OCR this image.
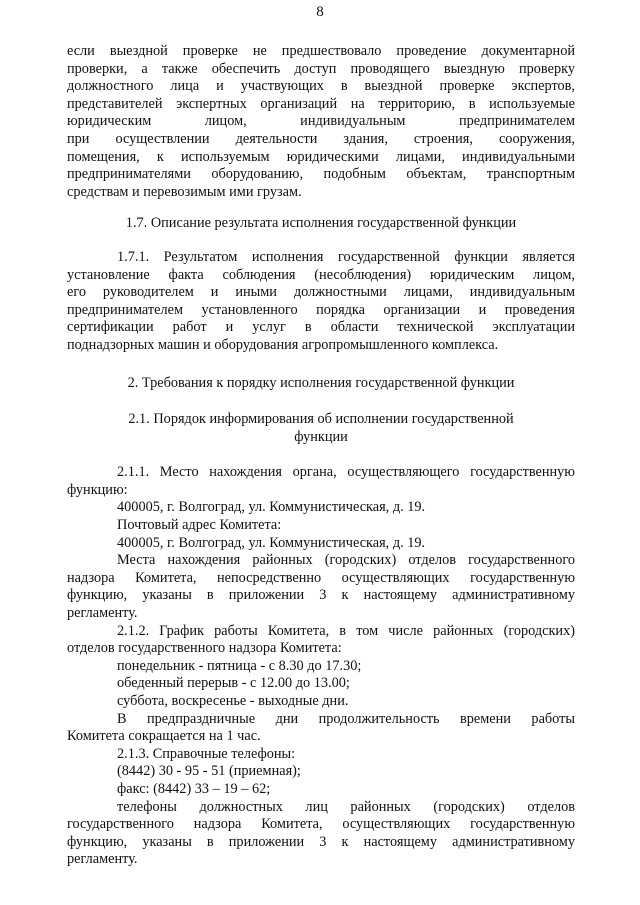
8

если выездной проверке не предшествовало проведение документарной

проверки, а также обеспечить доступ проводящего выездную проверку

должностного лица и участвующих в выездной проверке экспертов,

представителей экспертных организаций на территорию, в используемые

юридическим лицом, индивидуальным предпринимателем

при осуществлении деятельности здания, строения, сооружения,

помещения, к используемым юридическими лицами, индивидуальными

предпринимателями оборудованию, подобным объектам, транспортным

средствам и перевозимым ими грузам.

1.7. Описание результата исполнения государственной функции

1.7.1. Результатом исполнения государственной функции является

установление факта соблюдения (несоблюдения) юридическим лицом,

его руководителем и иными должностными лицами, индивидуальным

предпринимателем установленного порядка организации и проведения

сертификации работ и услуг в области технической эксплуатации

поднадзорных машин и оборудования агропромышленного комплекса.

2. Требования к порядку исполнения государственной функции

2.1. Порядок информирования об исполнении государственной

функции

2.1.1. Место нахождения органа, осуществляющего государственную

функцию:

400005, г. Волгоград, ул. Коммунистическая, д. 19.

Почтовый адрес Комитета:

400005, г. Волгоград, ул. Коммунистическая, д. 19.

Места нахождения районных (городских) отделов государственного

надзора Комитета, непосредственно осуществляющих государственную

функцию, указаны в приложении 3 к настоящему административному

регламенту.

2.1.2. График работы Комитета, в том числе районных (городских)

отделов государственного надзора Комитета:

понедельник - пятница - с 8.30 до 17.30;

обеденный перерыв - с 12.00 до 13.00;

суббота, воскресенье - выходные дни.

В предпраздничные дни продолжительность времени работы

Комитета сокращается на 1 час.

2.1.3. Справочные телефоны:

(8442) 30 - 95 - 51 (приемная);

факс: (8442) 33 – 19 – 62;

телефоны должностных лиц районных (городских) отделов

государственного надзора Комитета, осуществляющих государственную

функцию, указаны в приложении 3 к настоящему административному

регламенту.
